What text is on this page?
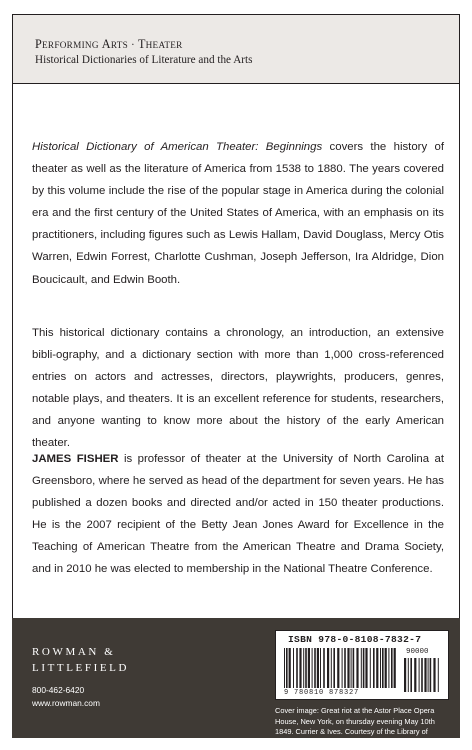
PERFORMING ARTS · THEATER
Historical Dictionaries of Literature and the Arts

Historical Dictionary of American Theater: Beginnings covers the history of theater as well as the literature of America from 1538 to 1880. The years covered by this volume include the rise of the popular stage in America during the colonial era and the first century of the United States of America, with an emphasis on its practitioners, including figures such as Lewis Hallam, David Douglass, Mercy Otis Warren, Edwin Forrest, Charlotte Cushman, Joseph Jefferson, Ira Aldridge, Dion Boucicault, and Edwin Booth.

This historical dictionary contains a chronology, an introduction, an extensive bibli-ography, and a dictionary section with more than 1,000 cross-referenced entries on actors and actresses, directors, playwrights, producers, genres, notable plays, and theaters. It is an excellent reference for students, researchers, and anyone wanting to know more about the history of the early American theater.

JAMES FISHER is professor of theater at the University of North Carolina at Greensboro, where he served as head of the department for seven years. He has published a dozen books and directed and/or acted in 150 theater productions. He is the 2007 recipient of the Betty Jean Jones Award for Excellence in the Teaching of American Theatre from the American Theatre and Drama Society, and in 2010 he was elected to membership in the National Theatre Conference.

ROWMAN &
LITTLEFIELD
800-462-6420
www.rowman.com
ISBN 978-0-8108-7832-7
9 780810 878327
90000
Cover image: Great riot at the Astor Place Opera House, New York, on thursday evening May 10th 1849. Currier & Ives. Courtesy of the Library of Congress.
